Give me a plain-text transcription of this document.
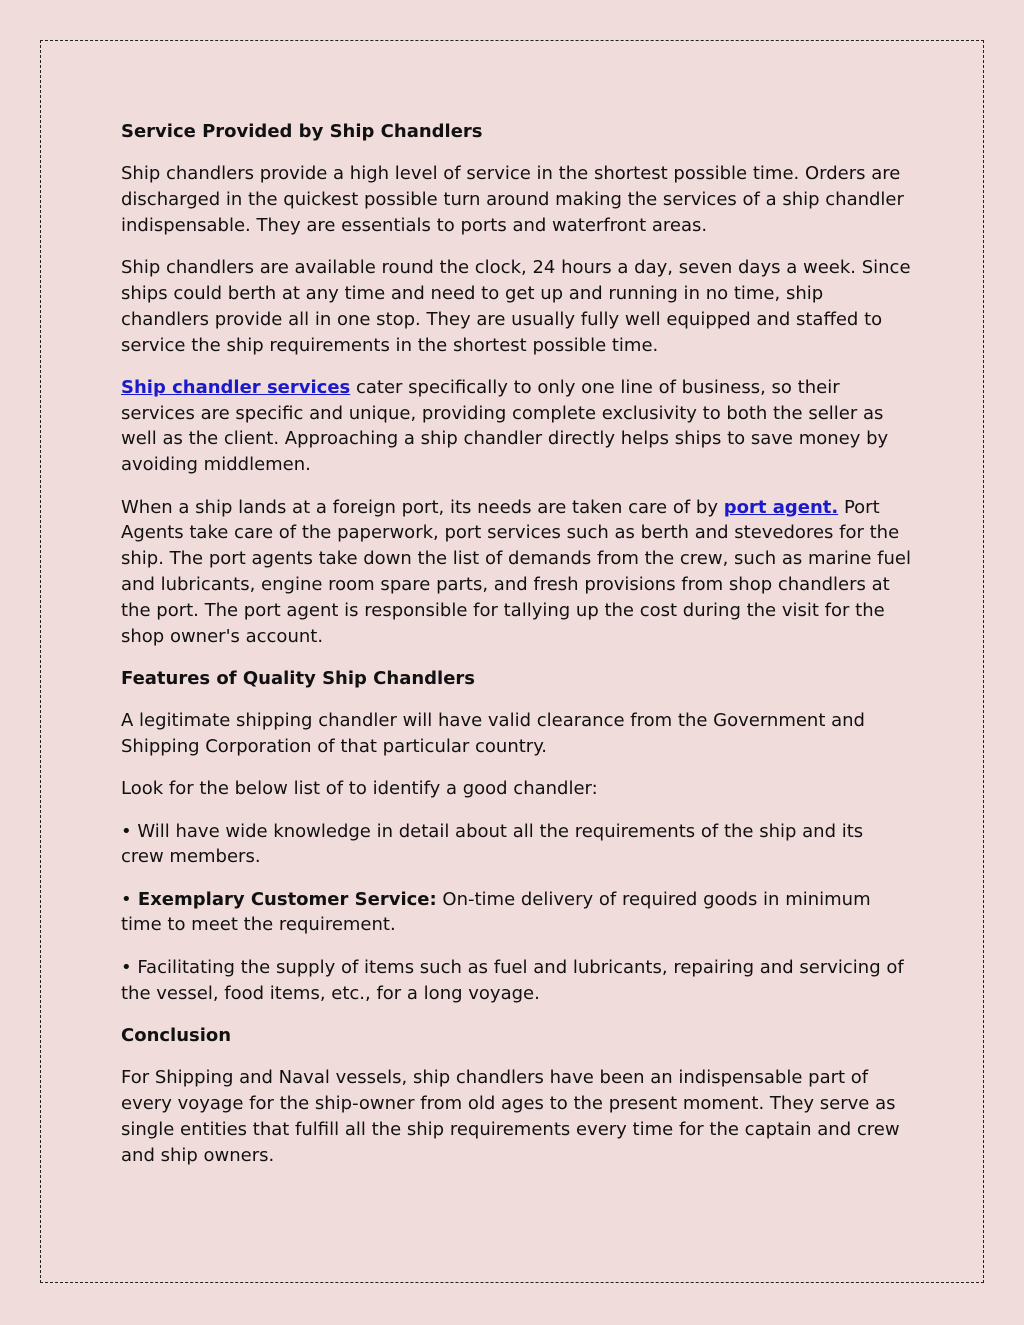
Service Provided by Ship Chandlers

Ship chandlers provide a high level of service in the shortest possible time. Orders are discharged in the quickest possible turn around making the services of a ship chandler indispensable. They are essentials to ports and waterfront areas.

Ship chandlers are available round the clock, 24 hours a day, seven days a week. Since ships could berth at any time and need to get up and running in no time, ship chandlers provide all in one stop. They are usually fully well equipped and staffed to service the ship requirements in the shortest possible time.

Ship chandler services cater specifically to only one line of business, so their services are specific and unique, providing complete exclusivity to both the seller as well as the client. Approaching a ship chandler directly helps ships to save money by avoiding middlemen.

When a ship lands at a foreign port, its needs are taken care of by port agent. Port Agents take care of the paperwork, port services such as berth and stevedores for the ship. The port agents take down the list of demands from the crew, such as marine fuel and lubricants, engine room spare parts, and fresh provisions from shop chandlers at the port. The port agent is responsible for tallying up the cost during the visit for the shop owner's account.

Features of Quality Ship Chandlers

A legitimate shipping chandler will have valid clearance from the Government and Shipping Corporation of that particular country.

Look for the below list of to identify a good chandler:

• Will have wide knowledge in detail about all the requirements of the ship and its crew members.

• Exemplary Customer Service: On-time delivery of required goods in minimum time to meet the requirement.

• Facilitating the supply of items such as fuel and lubricants, repairing and servicing of the vessel, food items, etc., for a long voyage.

Conclusion

For Shipping and Naval vessels, ship chandlers have been an indispensable part of every voyage for the ship-owner from old ages to the present moment. They serve as single entities that fulfill all the ship requirements every time for the captain and crew and ship owners.
